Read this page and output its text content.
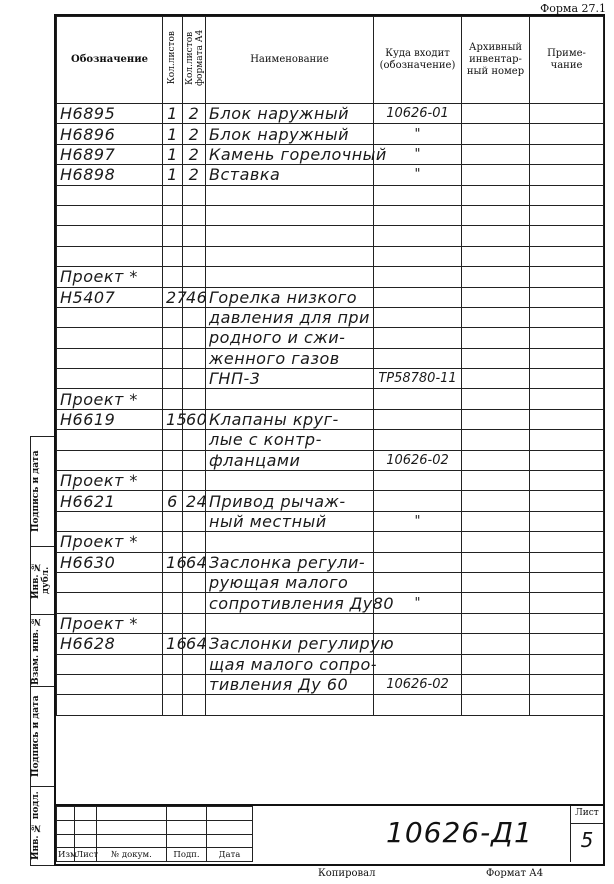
Форма 27.1
Подпись и дата
Инв. № дубл.
Взам. инв. №
Подпись и дата
Инв. № подл.
Обозначение	Кол.листов	Кол.листов формата А4	Наименование	Куда входит (обозначение)	Архивный инвентар-ный номер	Приме-чание
Н6895	1	2	Блок наружный	10626-01		
Н6896	1	2	Блок наружный	"		
Н6897	1	2	Камень горелочный	"		
Н6898	1	2	Вставка	"		

Проект *						
Н5407	27	46	Горелка низкого			
			давления для при			
			родного и сжи-			
			женного газов			
			ГНП-3	ТР58780-11		
Проект *						
Н6619	15	60	Клапаны круг-			
			лые с контр-			
			фланцами	10626-02		
Проект *						
Н6621	6	24	Привод рычаж-			
			ный местный	"		
Проект *						
Н6630	16	64	Заслонка регули-			
			рующая малого			
			сопротивления Ду80	"		
Проект *						
Н6628	16	64	Заслонки регулирую			
			щая малого сопро-			
			тивления Ду 60	10626-02		

Изм	Лист	№ докум.	Подп.	Дата
10626-Д1
Лист
5
Копировал	Формат А4
